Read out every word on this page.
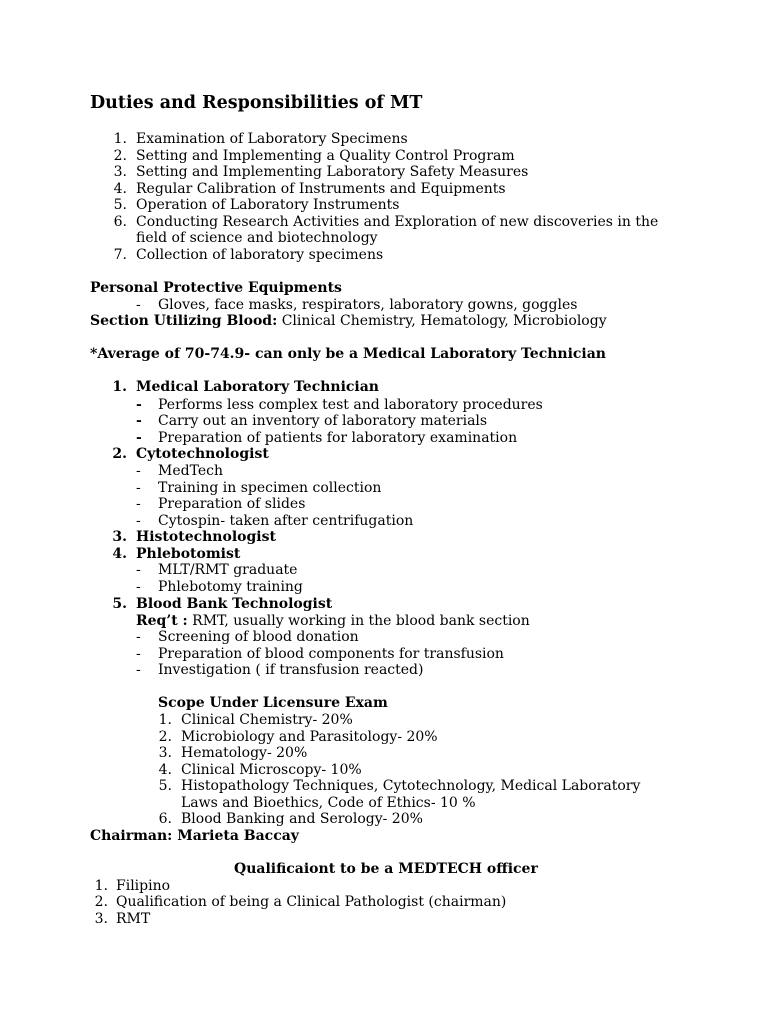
Duties and Responsibilities of MT
1. Examination of Laboratory Specimens
2. Setting and Implementing a Quality Control Program
3. Setting and Implementing Laboratory Safety Measures
4. Regular Calibration of Instruments and Equipments
5. Operation of Laboratory Instruments
6. Conducting Research Activities and Exploration of new discoveries in the
field of science and biotechnology
7. Collection of laboratory specimens
Personal Protective Equipments
- Gloves, face masks, respirators, laboratory gowns, goggles
Section Utilizing Blood: Clinical Chemistry, Hematology, Microbiology
*Average of 70-74.9- can only be a Medical Laboratory Technician
1. Medical Laboratory Technician
- Performs less complex test and laboratory procedures
- Carry out an inventory of laboratory materials
- Preparation of patients for laboratory examination
2. Cytotechnologist
- MedTech
- Training in specimen collection
- Preparation of slides
- Cytospin- taken after centrifugation
3. Histotechnologist
4. Phlebotomist
- MLT/RMT graduate
- Phlebotomy training
5. Blood Bank Technologist
Req’t : RMT, usually working in the blood bank section
- Screening of blood donation
- Preparation of blood components for transfusion
- Investigation ( if transfusion reacted)
Scope Under Licensure Exam
1. Clinical Chemistry- 20%
2. Microbiology and Parasitology- 20%
3. Hematology- 20%
4. Clinical Microscopy- 10%
5. Histopathology Techniques, Cytotechnology, Medical Laboratory
Laws and Bioethics, Code of Ethics- 10 %
6. Blood Banking and Serology- 20%
Chairman: Marieta Baccay
Qualificaiont to be a MEDTECH officer
1. Filipino
2. Qualification of being a Clinical Pathologist (chairman)
3. RMT
